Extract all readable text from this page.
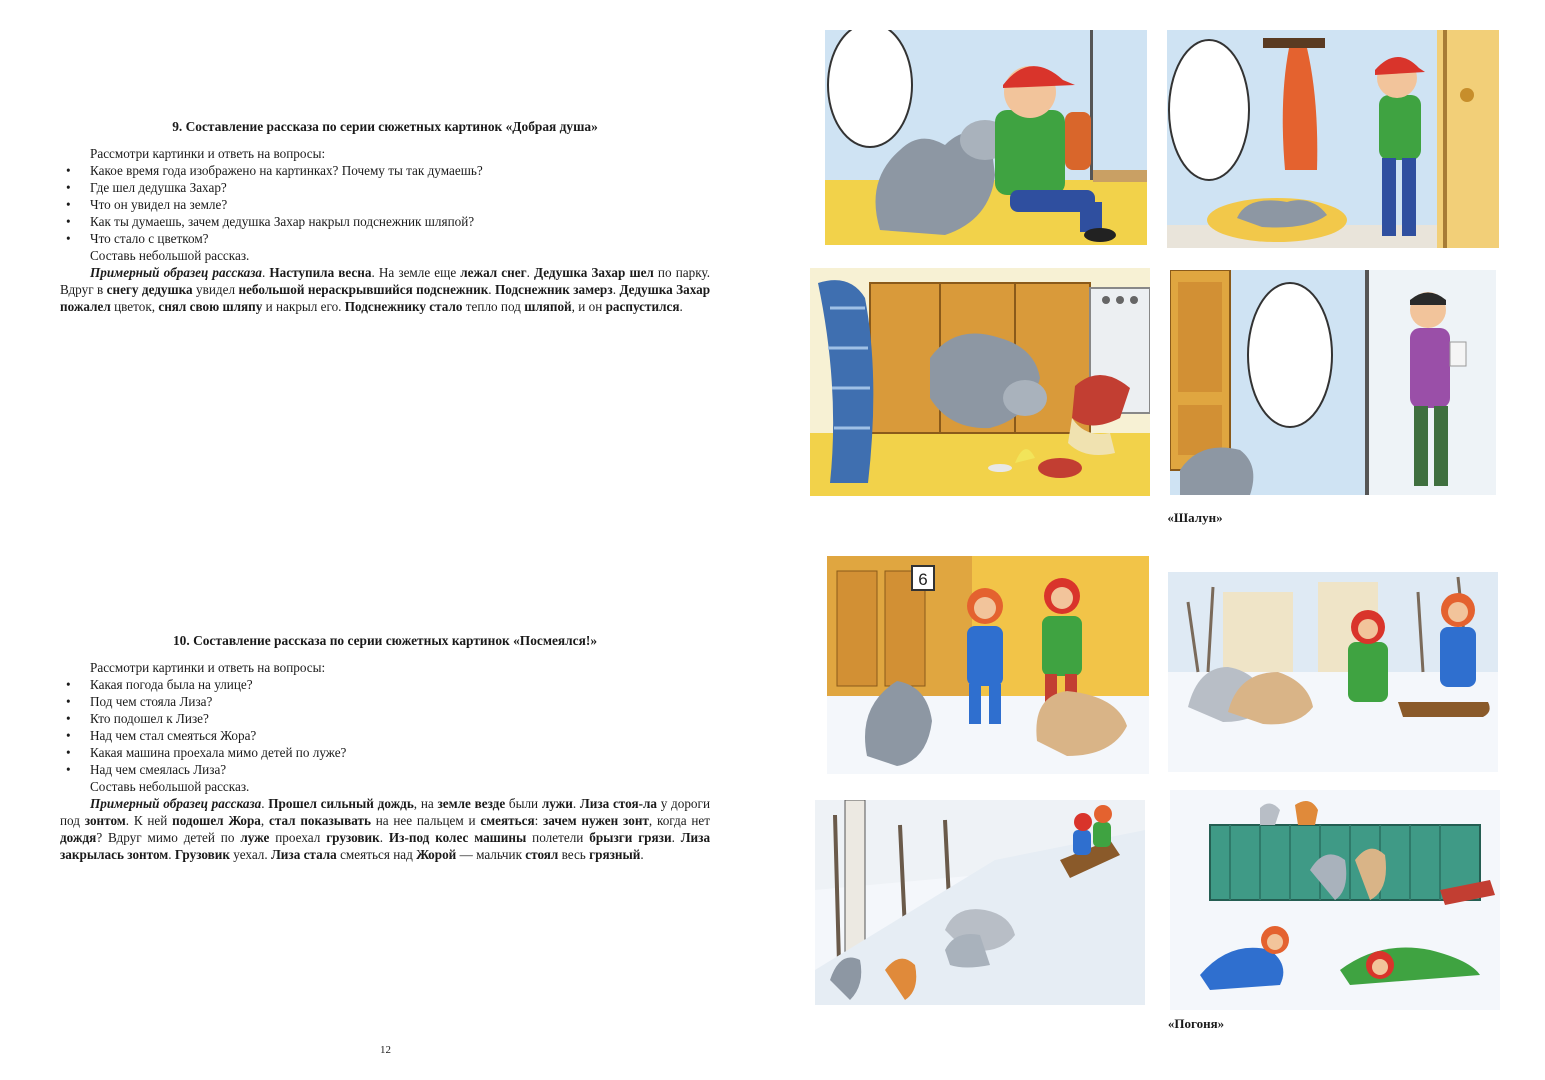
9. Составление рассказа по серии сюжетных картинок «Добрая душа»
Рассмотри картинки и ответь на вопросы:
• Какое время года изображено на картинках? Почему ты так думаешь?
• Где шел дедушка Захар?
• Что он увидел на земле?
• Как ты думаешь, зачем дедушка Захар накрыл подснежник шляпой?
• Что стало с цветком?
Составь небольшой рассказ.

Примерный образец рассказа. Наступила весна. На земле еще лежал снег. Дедушка Захар шел по парку. Вдруг в снегу дедушка увидел небольшой нераскрывшийся подснежник. Подснежник замерз. Дедушка Захар пожалел цветок, снял свою шляпу и накрыл его. Подснежнику стало тепло под шляпой, и он распустился.

10. Составление рассказа по серии сюжетных картинок «Посмеялся!»
Рассмотри картинки и ответь на вопросы:
• Какая погода была на улице?
• Под чем стояла Лиза?
• Кто подошел к Лизе?
• Над чем стал смеяться Жора?
• Какая машина проехала мимо детей по луже?
• Над чем смеялась Лиза?
Составь небольшой рассказ.

Примерный образец рассказа. Прошел сильный дождь, на земле везде были лужи. Лиза стоя-ла у дороги под зонтом. К ней подошел Жора, стал показывать на нее пальцем и смеяться: зачем нужен зонт, когда нет дождя? Вдруг мимо детей по луже проехал грузовик. Из-под колес машины полетели брызги грязи. Лиза закрылась зонтом. Грузовик уехал. Лиза стала смеяться над Жорой — мальчик стоял весь грязный.

12
«Шалун»
6
«Погоня»
